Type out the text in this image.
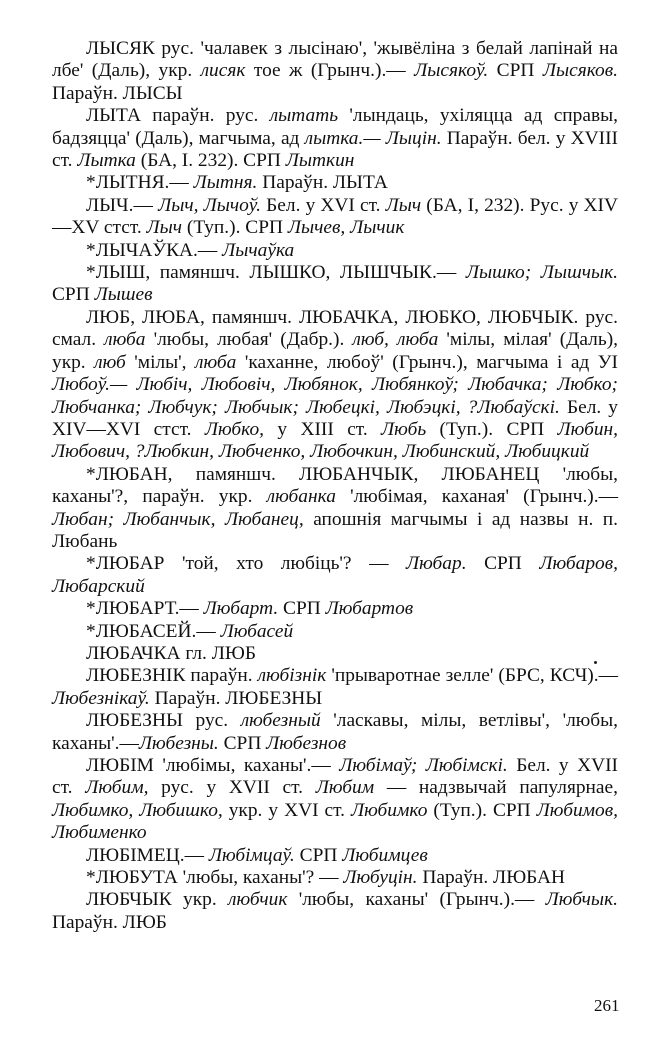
ЛЫСЯК рус. 'чалавек з лысінаю', 'жывёліна з белай лапінай на лбе' (Даль), укр. лисяк тое ж (Грынч.).— Лысякоў. СРП Лысяков. Параўн. ЛЫСЫ

ЛЫТА параўн. рус. лытать 'лындаць, ухіляцца ад справы, бадзяцца' (Даль), магчыма, ад лытка.— Лыцін. Параўн. бел. у XVIII ст. Лытка (БА, I. 232). СРП Лыткин

*ЛЫТНЯ.— Лытня. Параўн. ЛЫТА

ЛЫЧ.— Лыч, Лычоў. Бел. у XVI ст. Лыч (БА, I, 232). Рус. у XIV—XV стст. Лыч (Туп.). СРП Лычев, Лычик

*ЛЫЧАЎКА.— Лычаўка

*ЛЫШ, памяншч. ЛЫШКО, ЛЫШЧЫК.— Лышко; Лышчык. СРП Лышев

ЛЮБ, ЛЮБА, памяншч. ЛЮБАЧКА, ЛЮБКО, ЛЮБЧЫК. рус. смал. люба 'любы, любая' (Дабр.). люб, люба 'мілы, мілая' (Даль), укр. люб 'мілы', люба 'каханне, любоў' (Грынч.), магчыма і ад УІ Любоў.— Любіч, Любовіч, Любянок, Любянкоў; Любачка; Любко; Любчанка; Любчук; Любчык; Любецкі, Любэцкі, ?Любаўскі. Бел. у XIV—XVI стст. Любко, у XIII ст. Любь (Туп.). СРП Любин, Любович, ?Любкин, Любченко, Любочкин, Любинский, Любицкий

*ЛЮБАН, памяншч. ЛЮБАНЧЫК, ЛЮБАНЕЦ 'любы, каханы'?, параўн. укр. любанка 'любімая, каханая' (Грынч.).— Любан; Любанчык, Любанец, апошнія магчымы і ад назвы н. п. Любань

*ЛЮБАР 'той, хто любіць'? — Любар. СРП Любаров, Любарский

*ЛЮБАРТ.— Любарт. СРП Любартов

*ЛЮБАСЕЙ.— Любасей

ЛЮБАЧКА гл. ЛЮБ

ЛЮБЕЗНІК параўн. любізнік 'прываротнае зелле' (БРС, КСЧ).— Любезнікаў. Параўн. ЛЮБЕЗНЫ

ЛЮБЕЗНЫ рус. любезный 'ласкавы, мілы, ветлівы', 'любы, каханы'.—Любезны. СРП Любезнов

ЛЮБІМ 'любімы, каханы'.— Любімаў; Любімскі. Бел. у XVII ст. Любим, рус. у XVII ст. Любим — надзвычай папулярнае, Любимко, Любишко, укр. у XVI ст. Любимко (Туп.). СРП Любимов, Любименко

ЛЮБІМЕЦ.— Любімцаў. СРП Любимцев

*ЛЮБУТА 'любы, каханы'? — Любуцін. Параўн. ЛЮБАН

ЛЮБЧЫК укр. любчик 'любы, каханы' (Грынч.).— Любчык. Параўн. ЛЮБ

261
